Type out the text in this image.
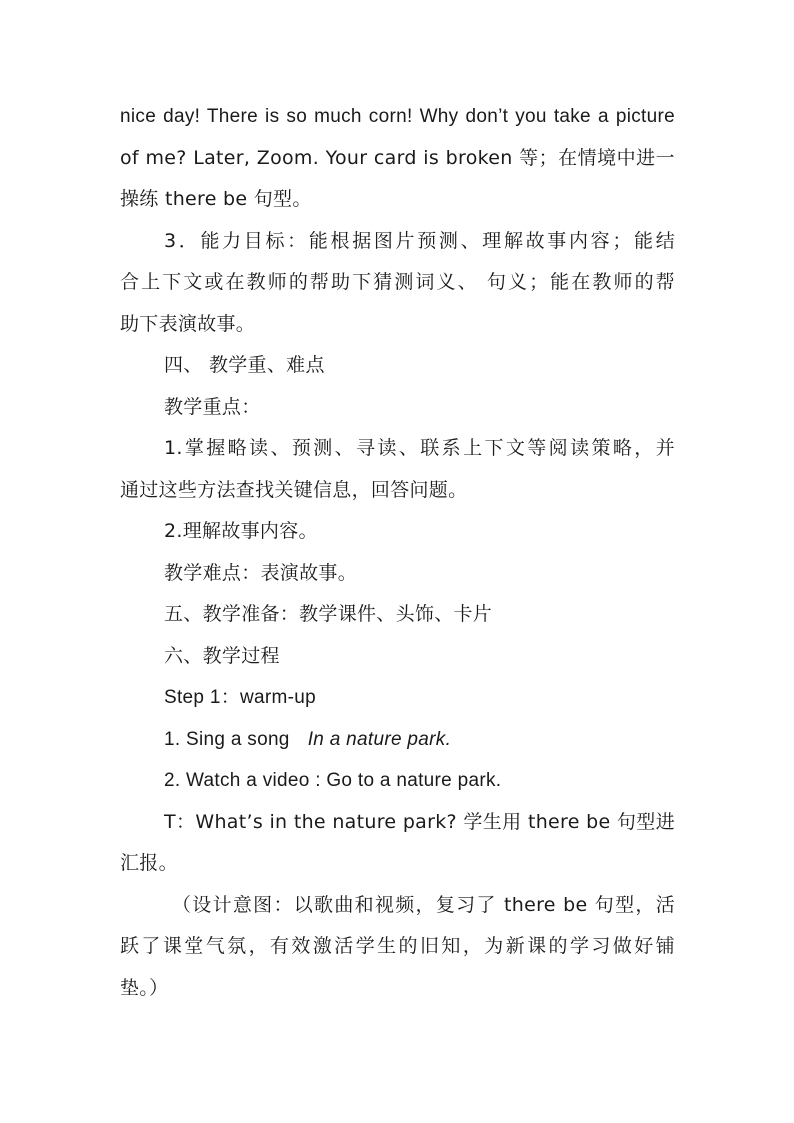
nice day! There is so much corn! Why don’t you take a picture
of me? Later, Zoom. Your card is broken 等；在情境中进一
操练 there be 句型。
3．能力目标：能根据图片预测、理解故事内容；能结
合上下文或在教师的帮助下猜测词义、 句义；能在教师的帮
助下表演故事。
四、 教学重、难点
教学重点：
1.掌握略读、预测、寻读、联系上下文等阅读策略，并
通过这些方法查找关键信息，回答问题。
2.理解故事内容。
教学难点：表演故事。
五、教学准备：教学课件、头饰、卡片
六、教学过程
Step 1：warm-up
1. Sing a song In a nature park.
2. Watch a video : Go to a nature park.
T：What’s in the nature park? 学生用 there be 句型进
汇报。
（设计意图：以歌曲和视频，复习了 there be 句型，活
跃了课堂气氛，有效激活学生的旧知，为新课的学习做好铺
垫。）
